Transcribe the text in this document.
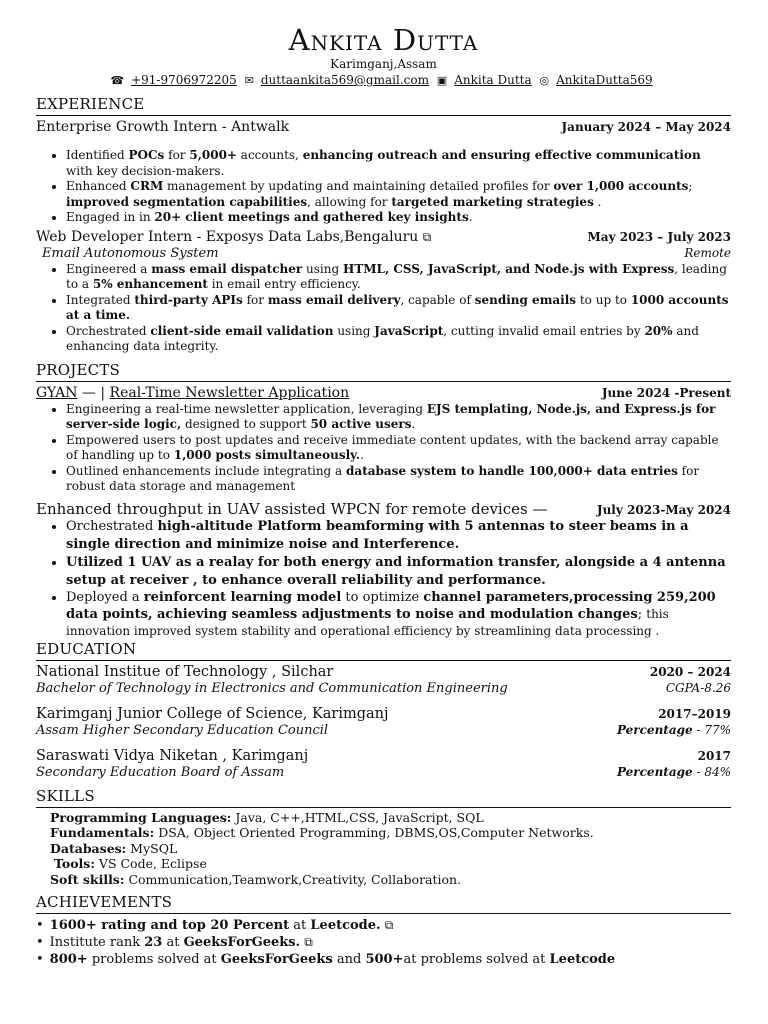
Ankita Dutta
Karimganj,Assam
☎ +91-9706972205 ✉ duttaankita569@gmail.com ▣ Ankita Dutta ◎ AnkitaDutta569
EXPERIENCE
Enterprise Growth Intern - Antwalk	January 2024 – May 2024
• Identified POCs for 5,000+ accounts, enhancing outreach and ensuring effective communication with key decision-makers.
• Enhanced CRM management by updating and maintaining detailed profiles for over 1,000 accounts; improved segmentation capabilities, allowing for targeted marketing strategies .
• Engaged in in 20+ client meetings and gathered key insights.
Web Developer Intern - Exposys Data Labs,Bengaluru ⧉	May 2023 – July 2023
Email Autonomous System	Remote
• Engineered a mass email dispatcher using HTML, CSS, JavaScript, and Node.js with Express, leading to a 5% enhancement in email entry efficiency.
• Integrated third-party APIs for mass email delivery, capable of sending emails to up to 1000 accounts at a time.
• Orchestrated client-side email validation using JavaScript, cutting invalid email entries by 20% and enhancing data integrity.
PROJECTS
GYAN — | Real-Time Newsletter Application	June 2024 -Present
• Engineering a real-time newsletter application, leveraging EJS templating, Node.js, and Express.js for server-side logic, designed to support 50 active users.
• Empowered users to post updates and receive immediate content updates, with the backend array capable of handling up to 1,000 posts simultaneously..
• Outlined enhancements include integrating a database system to handle 100,000+ data entries for robust data storage and management
Enhanced throughput in UAV assisted WPCN for remote devices —	July 2023-May 2024
• Orchestrated high-altitude Platform beamforming with 5 antennas to steer beams in a single direction and minimize noise and Interference.
• Utilized 1 UAV as a realay for both energy and information transfer, alongside a 4 antenna setup at receiver , to enhance overall reliability and performance.
• Deployed a reinforcent learning model to optimize channel parameters,processing 259,200 data points, achieving seamless adjustments to noise and modulation changes; this innovation improved system stability and operational efficiency by streamlining data processing .
EDUCATION
National Institue of Technology , Silchar	2020 – 2024
Bachelor of Technology in Electronics and Communication Engineering	CGPA-8.26
Karimganj Junior College of Science, Karimganj	2017–2019
Assam Higher Secondary Education Council	Percentage - 77%
Saraswati Vidya Niketan , Karimganj	2017
Secondary Education Board of Assam	Percentage - 84%
SKILLS
Programming Languages: Java, C++,HTML,CSS, JavaScript, SQL
Fundamentals: DSA, Object Oriented Programming, DBMS,OS,Computer Networks.
Databases: MySQL
Tools: VS Code, Eclipse
Soft skills: Communication,Teamwork,Creativity, Collaboration.
ACHIEVEMENTS
• 1600+ rating and top 20 Percent at Leetcode. ⧉
• Institute rank 23 at GeeksForGeeks. ⧉
• 800+ problems solved at GeeksForGeeks and 500+at problems solved at Leetcode
